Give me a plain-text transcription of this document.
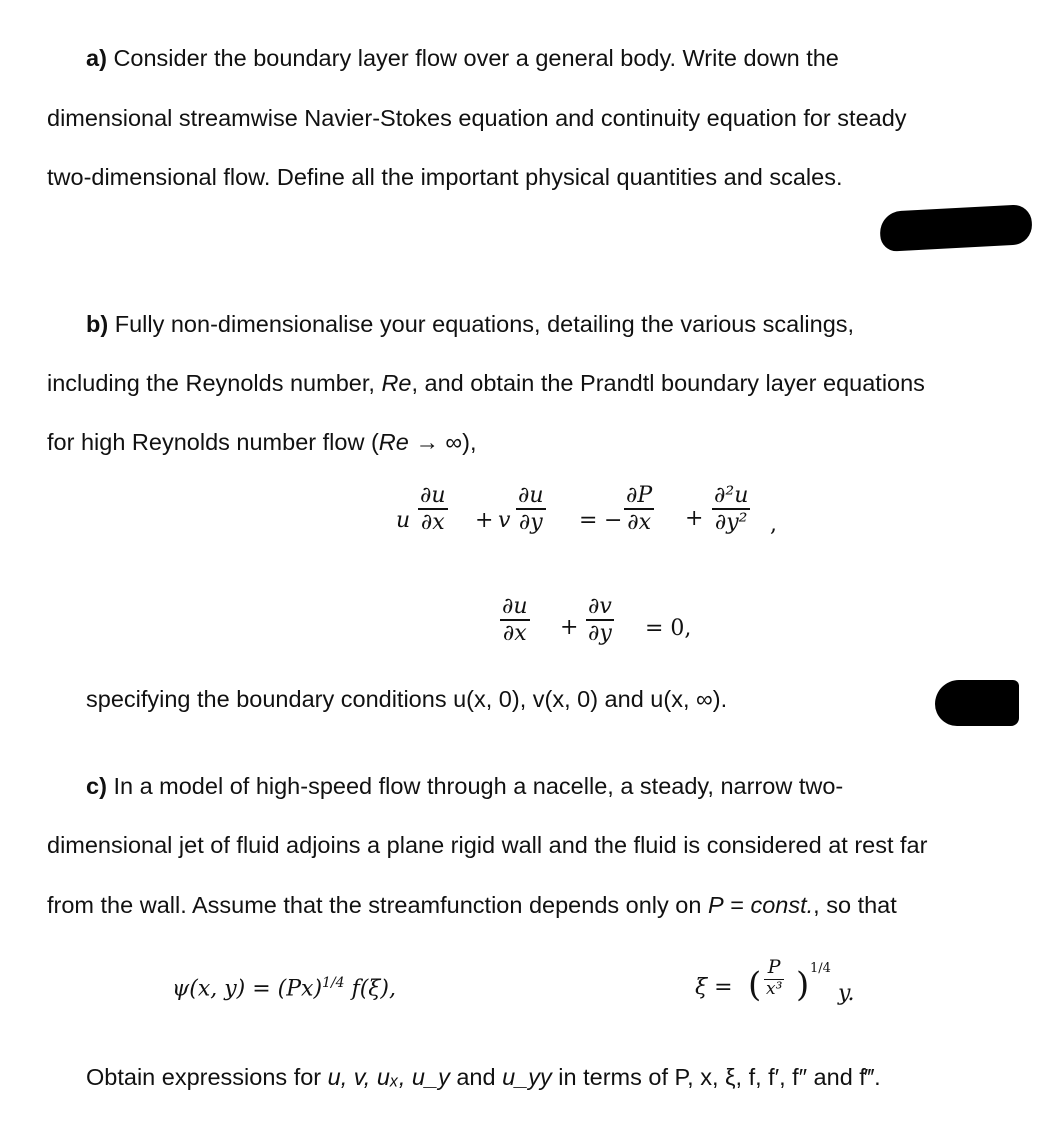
a) Consider the boundary layer flow over a general body. Write down the
dimensional streamwise Navier-Stokes equation and continuity equation for steady
two-dimensional flow. Define all the important physical quantities and scales.
b) Fully non-dimensionalise your equations, detailing the various scalings,
including the Reynolds number, Re, and obtain the Prandtl boundary layer equations
for high Reynolds number flow (Re → ∞),
u
∂u
∂x + v
∂u
∂y = −
∂P
∂x +
∂²u
∂y² ,
∂u
∂x +
∂v
∂y = 0,
specifying the boundary conditions u(x, 0), v(x, 0) and u(x, ∞).
c) In a model of high-speed flow through a nacelle, a steady, narrow two-
dimensional jet of fluid adjoins a plane rigid wall and the fluid is considered at rest far
from the wall. Assume that the streamfunction depends only on P = const., so that
ψ(x, $y) = (Px)^{1/4}$ f(ξ),	ξ = ( P
x³ ) 1/4
y.
Obtain expressions for u, v, uₓ, u_y and u_yy in terms of P, x, ξ, f, f′, f″ and f‴.
